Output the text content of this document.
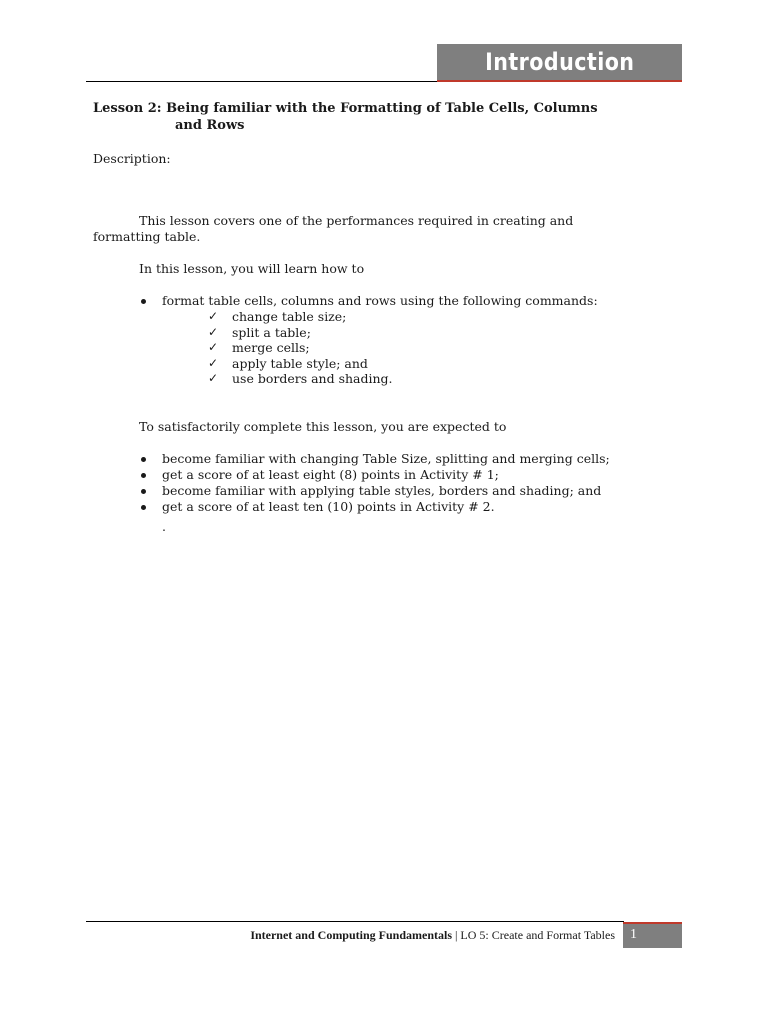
Introduction
Lesson 2: Being familiar with the Formatting of Table Cells, Columns
and Rows
Description:
This lesson covers one of the performances required in creating and
formatting table.
In this lesson, you will learn how to
format table cells, columns and rows using the following commands:
✓ change table size;
✓ split a table;
✓ merge cells;
✓ apply table style; and
✓ use borders and shading.
To satisfactorily complete this lesson, you are expected to
become familiar with changing Table Size, splitting and merging cells;
get a score of at least eight (8) points in Activity # 1;
become familiar with applying table styles, borders and shading; and
get a score of at least ten (10) points in Activity # 2.
.
Internet and Computing Fundamentals | LO 5: Create and Format Tables	1
